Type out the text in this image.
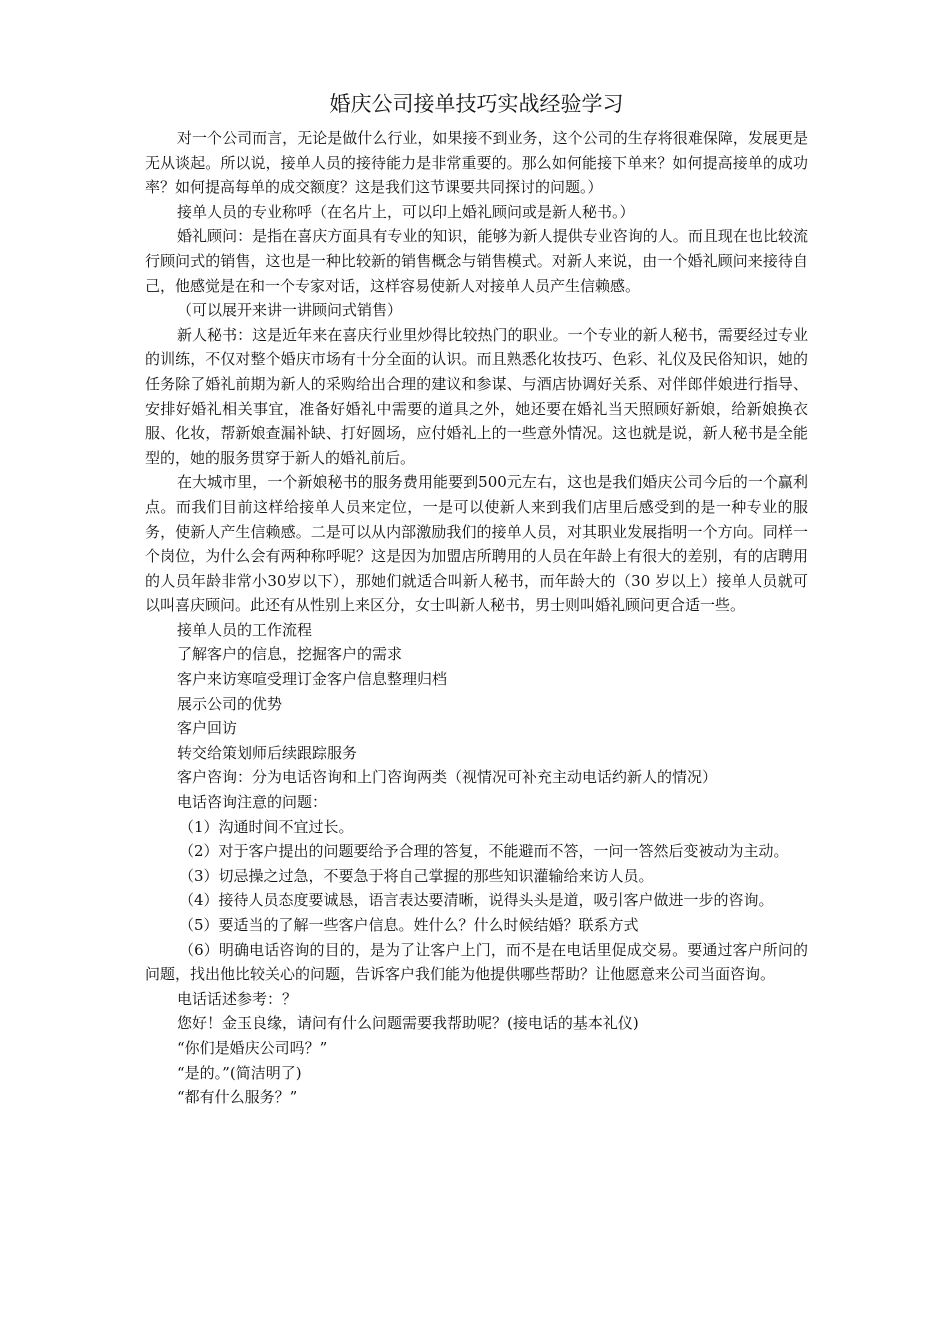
婚庆公司接单技巧实战经验学习

对一个公司而言，无论是做什么行业，如果接不到业务，这个公司的生存将很难保障，发展更是无从谈起。所以说，接单人员的接待能力是非常重要的。那么如何能接下单来？如何提高接单的成功率？如何提高每单的成交额度？这是我们这节课要共同探讨的问题。）

接单人员的专业称呼（在名片上，可以印上婚礼顾问或是新人秘书。）

婚礼顾问：是指在喜庆方面具有专业的知识，能够为新人提供专业咨询的人。而且现在也比较流行顾问式的销售，这也是一种比较新的销售概念与销售模式。对新人来说，由一个婚礼顾问来接待自己，他感觉是在和一个专家对话，这样容易使新人对接单人员产生信赖感。

（可以展开来讲一讲顾问式销售）

新人秘书：这是近年来在喜庆行业里炒得比较热门的职业。一个专业的新人秘书，需要经过专业的训练，不仅对整个婚庆市场有十分全面的认识。而且熟悉化妆技巧、色彩、礼仪及民俗知识，她的任务除了婚礼前期为新人的采购给出合理的建议和参谋、与酒店协调好关系、对伴郎伴娘进行指导、安排好婚礼相关事宜，准备好婚礼中需要的道具之外，她还要在婚礼当天照顾好新娘，给新娘换衣服、化妆，帮新娘查漏补缺、打好圆场，应付婚礼上的一些意外情况。这也就是说，新人秘书是全能型的，她的服务贯穿于新人的婚礼前后。

在大城市里，一个新娘秘书的服务费用能要到500元左右，这也是我们婚庆公司今后的一个赢利点。而我们目前这样给接单人员来定位，一是可以使新人来到我们店里后感受到的是一种专业的服务，使新人产生信赖感。二是可以从内部激励我们的接单人员，对其职业发展指明一个方向。同样一个岗位，为什么会有两种称呼呢？这是因为加盟店所聘用的人员在年龄上有很大的差别，有的店聘用的人员年龄非常小30岁以下），那她们就适合叫新人秘书，而年龄大的（30 岁以上）接单人员就可以叫喜庆顾问。此还有从性别上来区分，女士叫新人秘书，男士则叫婚礼顾问更合适一些。

接单人员的工作流程

了解客户的信息，挖掘客户的需求

客户来访寒喧受理订金客户信息整理归档

展示公司的优势

客户回访

转交给策划师后续跟踪服务

客户咨询：分为电话咨询和上门咨询两类（视情况可补充主动电话约新人的情况）

电话咨询注意的问题：

（1）沟通时间不宜过长。

（2）对于客户提出的问题要给予合理的答复，不能避而不答，一问一答然后变被动为主动。

（3）切忌操之过急，不要急于将自己掌握的那些知识灌输给来访人员。

（4）接待人员态度要诚恳，语言表达要清晰，说得头头是道，吸引客户做进一步的咨询。

（5）要适当的了解一些客户信息。姓什么？什么时候结婚？联系方式

（6）明确电话咨询的目的，是为了让客户上门，而不是在电话里促成交易。要通过客户所问的问题，找出他比较关心的问题，告诉客户我们能为他提供哪些帮助？让他愿意来公司当面咨询。

电话话述参考：？

您好！金玉良缘，请问有什么问题需要我帮助呢？(接电话的基本礼仪)

“你们是婚庆公司吗？”

“是的。”(简洁明了)

“都有什么服务？”
